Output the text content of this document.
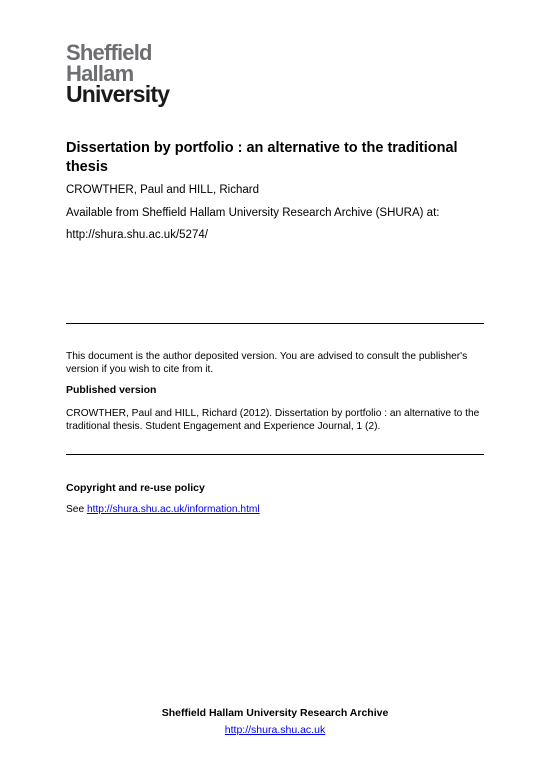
Sheffield
Hallam
University
Dissertation by portfolio : an alternative to the traditional thesis

CROWTHER, Paul and HILL, Richard

Available from Sheffield Hallam University Research Archive (SHURA) at:

http://shura.shu.ac.uk/5274/

This document is the author deposited version. You are advised to consult the publisher's version if you wish to cite from it.

Published version

CROWTHER, Paul and HILL, Richard (2012). Dissertation by portfolio : an alternative to the traditional thesis. Student Engagement and Experience Journal, 1 (2).

Copyright and re-use policy

See http://shura.shu.ac.uk/information.html

Sheffield Hallam University Research Archive
http://shura.shu.ac.uk
